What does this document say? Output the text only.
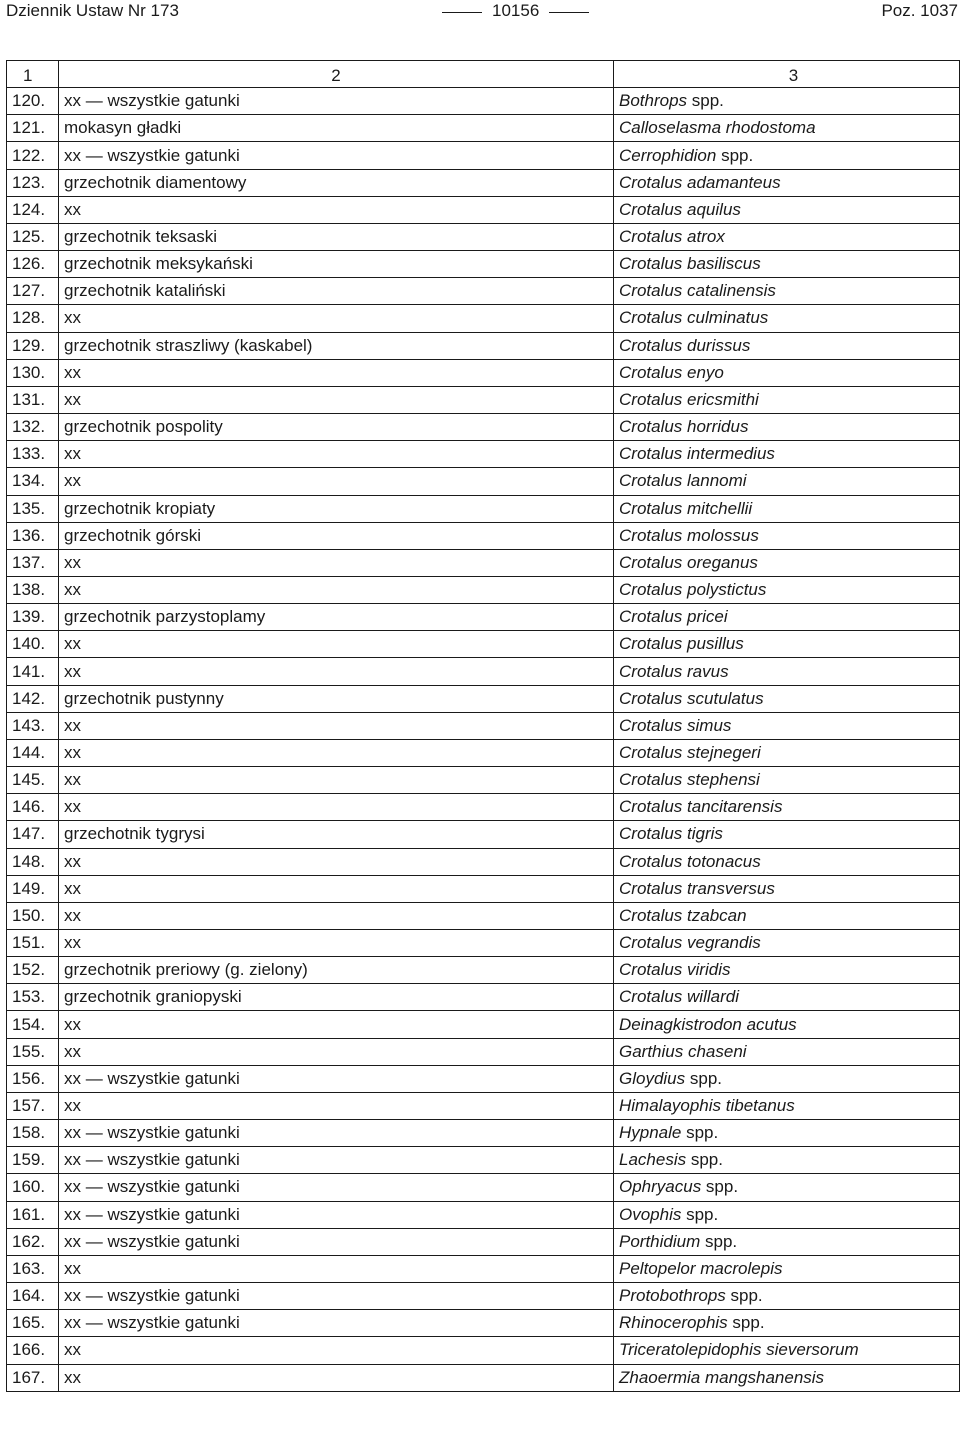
Dziennik Ustaw Nr 173	10156	Poz. 1037
1	2	3
120.	xx — wszystkie gatunki	Bothrops spp.
121.	mokasyn gładki	Calloselasma rhodostoma
122.	xx — wszystkie gatunki	Cerrophidion spp.
123.	grzechotnik diamentowy	Crotalus adamanteus
124.	xx	Crotalus aquilus
125.	grzechotnik teksaski	Crotalus atrox
126.	grzechotnik meksykański	Crotalus basiliscus
127.	grzechotnik kataliński	Crotalus catalinensis
128.	xx	Crotalus culminatus
129.	grzechotnik straszliwy (kaskabel)	Crotalus durissus
130.	xx	Crotalus enyo
131.	xx	Crotalus ericsmithi
132.	grzechotnik pospolity	Crotalus horridus
133.	xx	Crotalus intermedius
134.	xx	Crotalus lannomi
135.	grzechotnik kropiaty	Crotalus mitchellii
136.	grzechotnik górski	Crotalus molossus
137.	xx	Crotalus oreganus
138.	xx	Crotalus polystictus
139.	grzechotnik parzystoplamy	Crotalus pricei
140.	xx	Crotalus pusillus
141.	xx	Crotalus ravus
142.	grzechotnik pustynny	Crotalus scutulatus
143.	xx	Crotalus simus
144.	xx	Crotalus stejnegeri
145.	xx	Crotalus stephensi
146.	xx	Crotalus tancitarensis
147.	grzechotnik tygrysi	Crotalus tigris
148.	xx	Crotalus totonacus
149.	xx	Crotalus transversus
150.	xx	Crotalus tzabcan
151.	xx	Crotalus vegrandis
152.	grzechotnik preriowy (g. zielony)	Crotalus viridis
153.	grzechotnik graniopyski	Crotalus willardi
154.	xx	Deinagkistrodon acutus
155.	xx	Garthius chaseni
156.	xx — wszystkie gatunki	Gloydius spp.
157.	xx	Himalayophis tibetanus
158.	xx — wszystkie gatunki	Hypnale spp.
159.	xx — wszystkie gatunki	Lachesis spp.
160.	xx — wszystkie gatunki	Ophryacus spp.
161.	xx — wszystkie gatunki	Ovophis spp.
162.	xx — wszystkie gatunki	Porthidium spp.
163.	xx	Peltopelor macrolepis
164.	xx — wszystkie gatunki	Protobothrops spp.
165.	xx — wszystkie gatunki	Rhinocerophis spp.
166.	xx	Triceratolepidophis sieversorum
167.	xx	Zhaoermia mangshanensis
